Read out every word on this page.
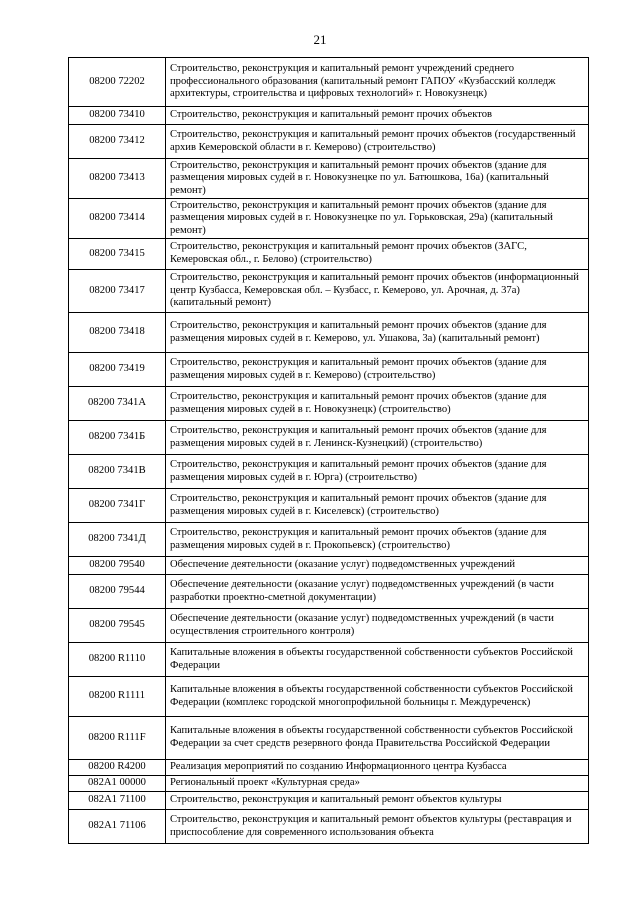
21
08200 72202	Строительство, реконструкция и капитальный ремонт учреждений среднего профессионального образования (капитальный ремонт ГАПОУ «Кузбасский колледж архитектуры, строительства и цифровых технологий» г. Новокузнецк)
08200 73410	Строительство, реконструкция и капитальный ремонт прочих объектов
08200 73412	Строительство, реконструкция и капитальный ремонт прочих объектов (государственный архив Кемеровской области в г. Кемерово) (строительство)
08200 73413	Строительство, реконструкция и капитальный ремонт прочих объектов (здание для размещения мировых судей в г. Новокузнецке по ул. Батюшкова, 16а) (капитальный ремонт)
08200 73414	Строительство, реконструкция и капитальный ремонт прочих объектов (здание для размещения мировых судей в г. Новокузнецке по ул. Горьковская, 29а) (капитальный ремонт)
08200 73415	Строительство, реконструкция и капитальный ремонт прочих объектов (ЗАГС, Кемеровская обл., г. Белово) (строительство)
08200 73417	Строительство, реконструкция и капитальный ремонт прочих объектов (информационный центр Кузбасса, Кемеровская обл. – Кузбасс, г. Кемерово, ул. Арочная, д. 37а) (капитальный ремонт)
08200 73418	Строительство, реконструкция и капитальный ремонт прочих объектов (здание для размещения мировых судей в г. Кемерово, ул. Ушакова, 3а) (капитальный ремонт)
08200 73419	Строительство, реконструкция и капитальный ремонт прочих объектов (здание для размещения мировых судей в г. Кемерово) (строительство)
08200 7341А	Строительство, реконструкция и капитальный ремонт прочих объектов (здание для размещения мировых судей в г. Новокузнецк) (строительство)
08200 7341Б	Строительство, реконструкция и капитальный ремонт прочих объектов (здание для размещения мировых судей в г. Ленинск-Кузнецкий) (строительство)
08200 7341В	Строительство, реконструкция и капитальный ремонт прочих объектов (здание для размещения мировых судей в г. Юрга) (строительство)
08200 7341Г	Строительство, реконструкция и капитальный ремонт прочих объектов (здание для размещения мировых судей в г. Киселевск) (строительство)
08200 7341Д	Строительство, реконструкция и капитальный ремонт прочих объектов (здание для размещения мировых судей в г. Прокопьевск) (строительство)
08200 79540	Обеспечение деятельности (оказание услуг) подведомственных учреждений
08200 79544	Обеспечение деятельности (оказание услуг) подведомственных учреждений (в части разработки проектно-сметной документации)
08200 79545	Обеспечение деятельности (оказание услуг) подведомственных учреждений (в части осуществления строительного контроля)
08200 R1110	Капитальные вложения в объекты государственной собственности субъектов Российской Федерации
08200 R1111	Капитальные вложения в объекты государственной собственности субъектов Российской Федерации (комплекс городской многопрофильной больницы г. Междуреченск)
08200 R111F	Капитальные вложения в объекты государственной собственности субъектов Российской Федерации за счет средств резервного фонда Правительства Российской Федерации
08200 R4200	Реализация мероприятий по созданию Информационного центра Кузбасса
082А1 00000	Региональный проект «Культурная среда»
082А1 71100	Строительство, реконструкция и капитальный ремонт объектов культуры
082А1 71106	Строительство, реконструкция и капитальный ремонт объектов культуры (реставрация и приспособление для современного использования объекта
